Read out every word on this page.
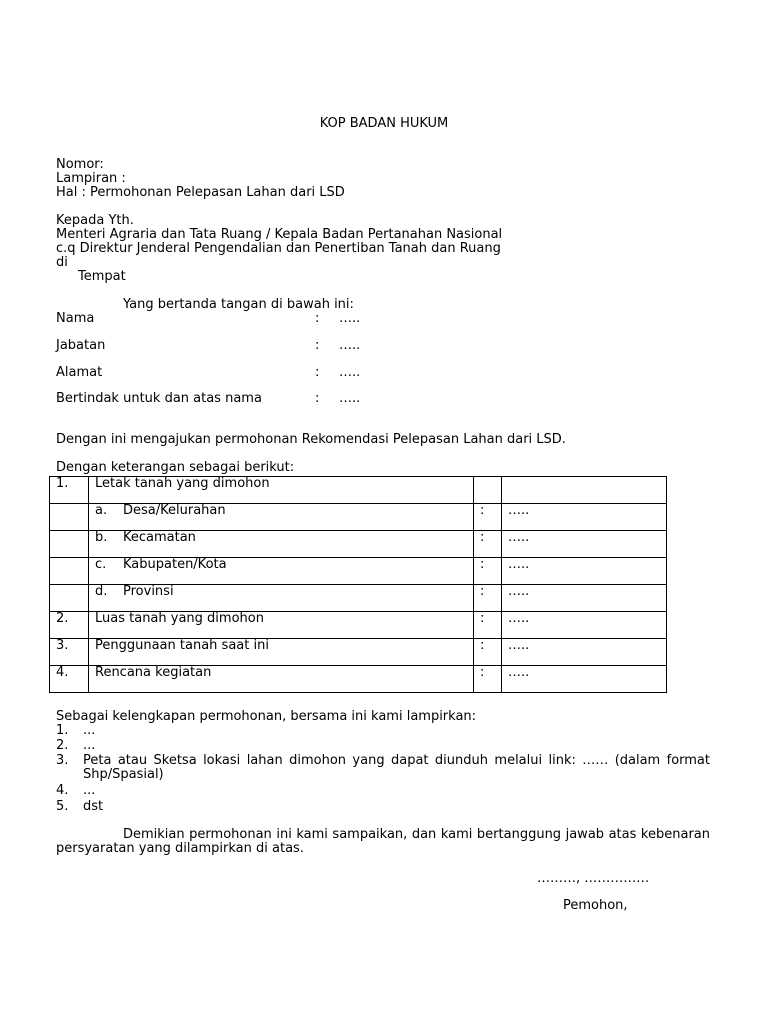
KOP BADAN HUKUM
Nomor:
Lampiran :
Hal : Permohonan Pelepasan Lahan dari LSD
Kepada Yth.
Menteri Agraria dan Tata Ruang / Kepala Badan Pertanahan Nasional
c.q Direktur Jenderal Pengendalian dan Penertiban Tanah dan Ruang
di
Tempat
Yang bertanda tangan di bawah ini:
Nama	: …..
Jabatan	: …..
Alamat	: …..
Bertindak untuk dan atas nama	: …..
Dengan ini mengajukan permohonan Rekomendasi Pelepasan Lahan dari LSD.
Dengan keterangan sebagai berikut:
1.	Letak tanah yang dimohon		
	a. Desa/Kelurahan	:	…..
	b. Kecamatan	:	…..
	c. Kabupaten/Kota	:	…..
	d. Provinsi	:	…..
2.	Luas tanah yang dimohon	:	…..
3.	Penggunaan tanah saat ini	:	…..
4.	Rencana kegiatan	:	…..
Sebagai kelengkapan permohonan, bersama ini kami lampirkan:
1. ...
2. ...
3. Peta atau Sketsa lokasi lahan dimohon yang dapat diunduh melalui link: …… (dalam format Shp/Spasial)
4. ...
5. dst
Demikian permohonan ini kami sampaikan, dan kami bertanggung jawab atas kebenaran persyaratan yang dilampirkan di atas.
………, ……………
Pemohon,
